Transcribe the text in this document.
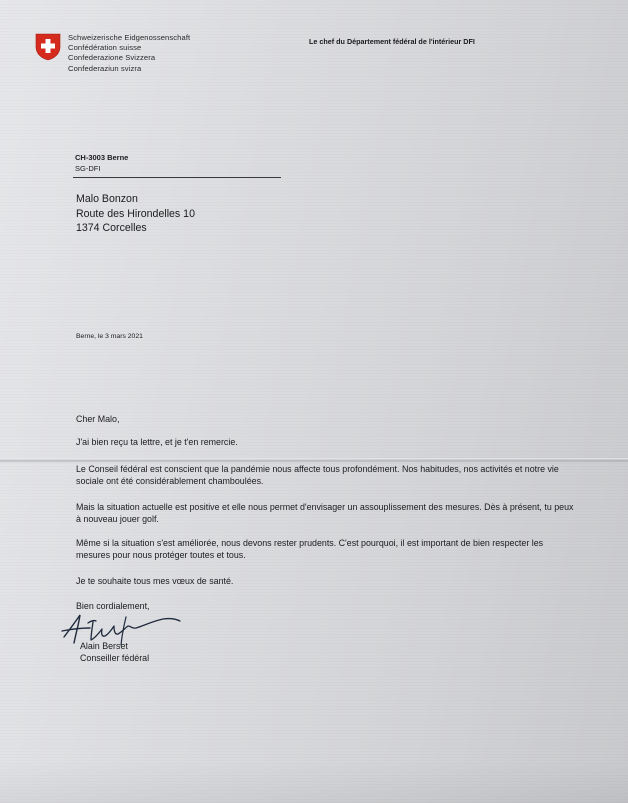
Schweizerische Eidgenossenschaft
Confédération suisse
Confederazione Svizzera
Confederaziun svizra
Le chef du Département fédéral de l'intérieur DFI
CH-3003 Berne
SG-DFI
Malo Bonzon
Route des Hirondelles 10
1374 Corcelles
Berne, le 3 mars 2021
Cher Malo,
J'ai bien reçu ta lettre, et je t'en remercie.
Le Conseil fédéral est conscient que la pandémie nous affecte tous profondément. Nos habitudes, nos activités et notre vie sociale ont été considérablement chamboulées.
Mais la situation actuelle est positive et elle nous permet d'envisager un assouplissement des mesures. Dès à présent, tu peux à nouveau jouer golf.
Même si la situation s'est améliorée, nous devons rester prudents. C'est pourquoi, il est important de bien respecter les mesures pour nous protéger toutes et tous.
Je te souhaite tous mes vœux de santé.
Bien cordialement,
Alain Berset
Conseiller fédéral
